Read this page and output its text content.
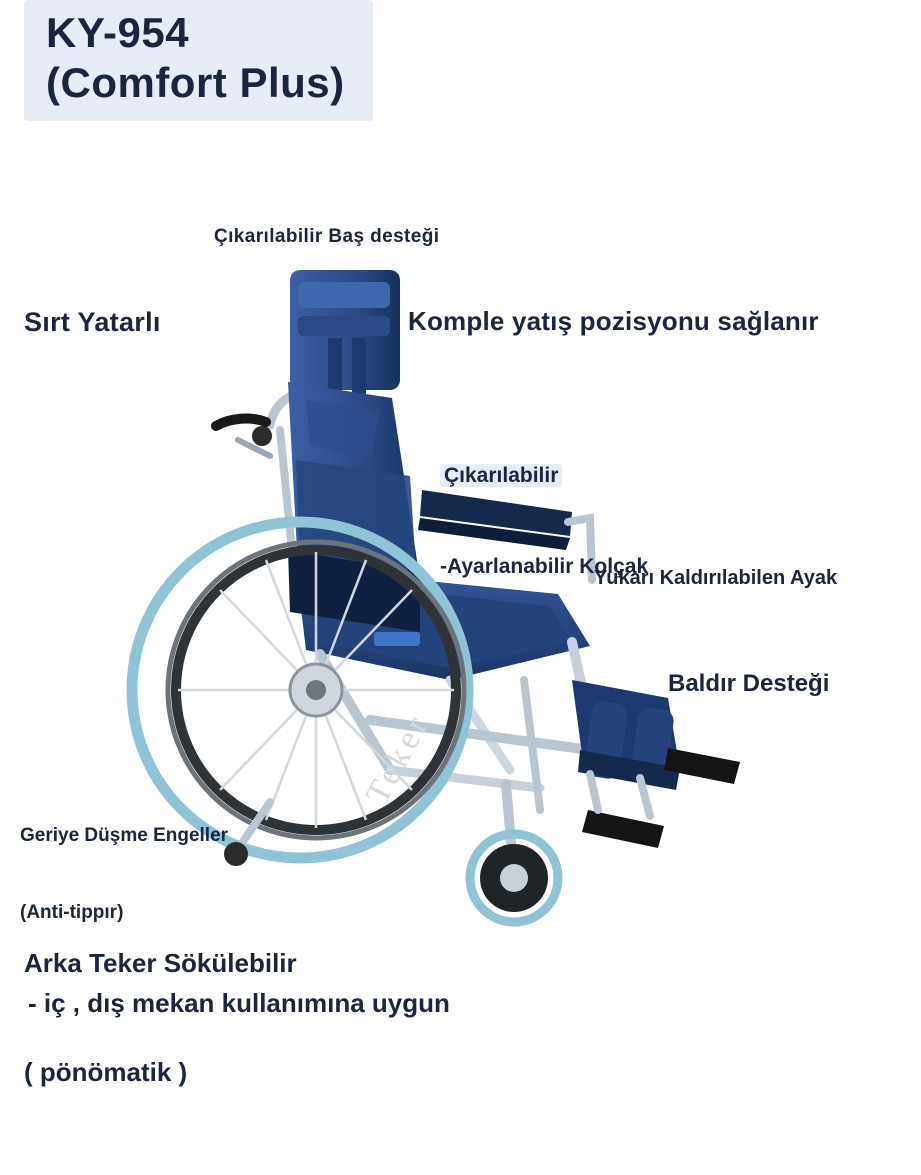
KY-954
(Comfort Plus)
Teker
Çıkarılabilir Baş desteği
Sırt Yatarlı	Komple yatış pozisyonu sağlanır

Çıkarılabilir

-Ayarlanabilir Kolçak

Yukarı Kaldırılabilen Ayak
Baldır Desteği

Geriye Düşme Engeller

(Anti-tippır)

Arka Teker Sökülebilir

( pönömatik )

- iç , dış mekan kullanımına uygun
